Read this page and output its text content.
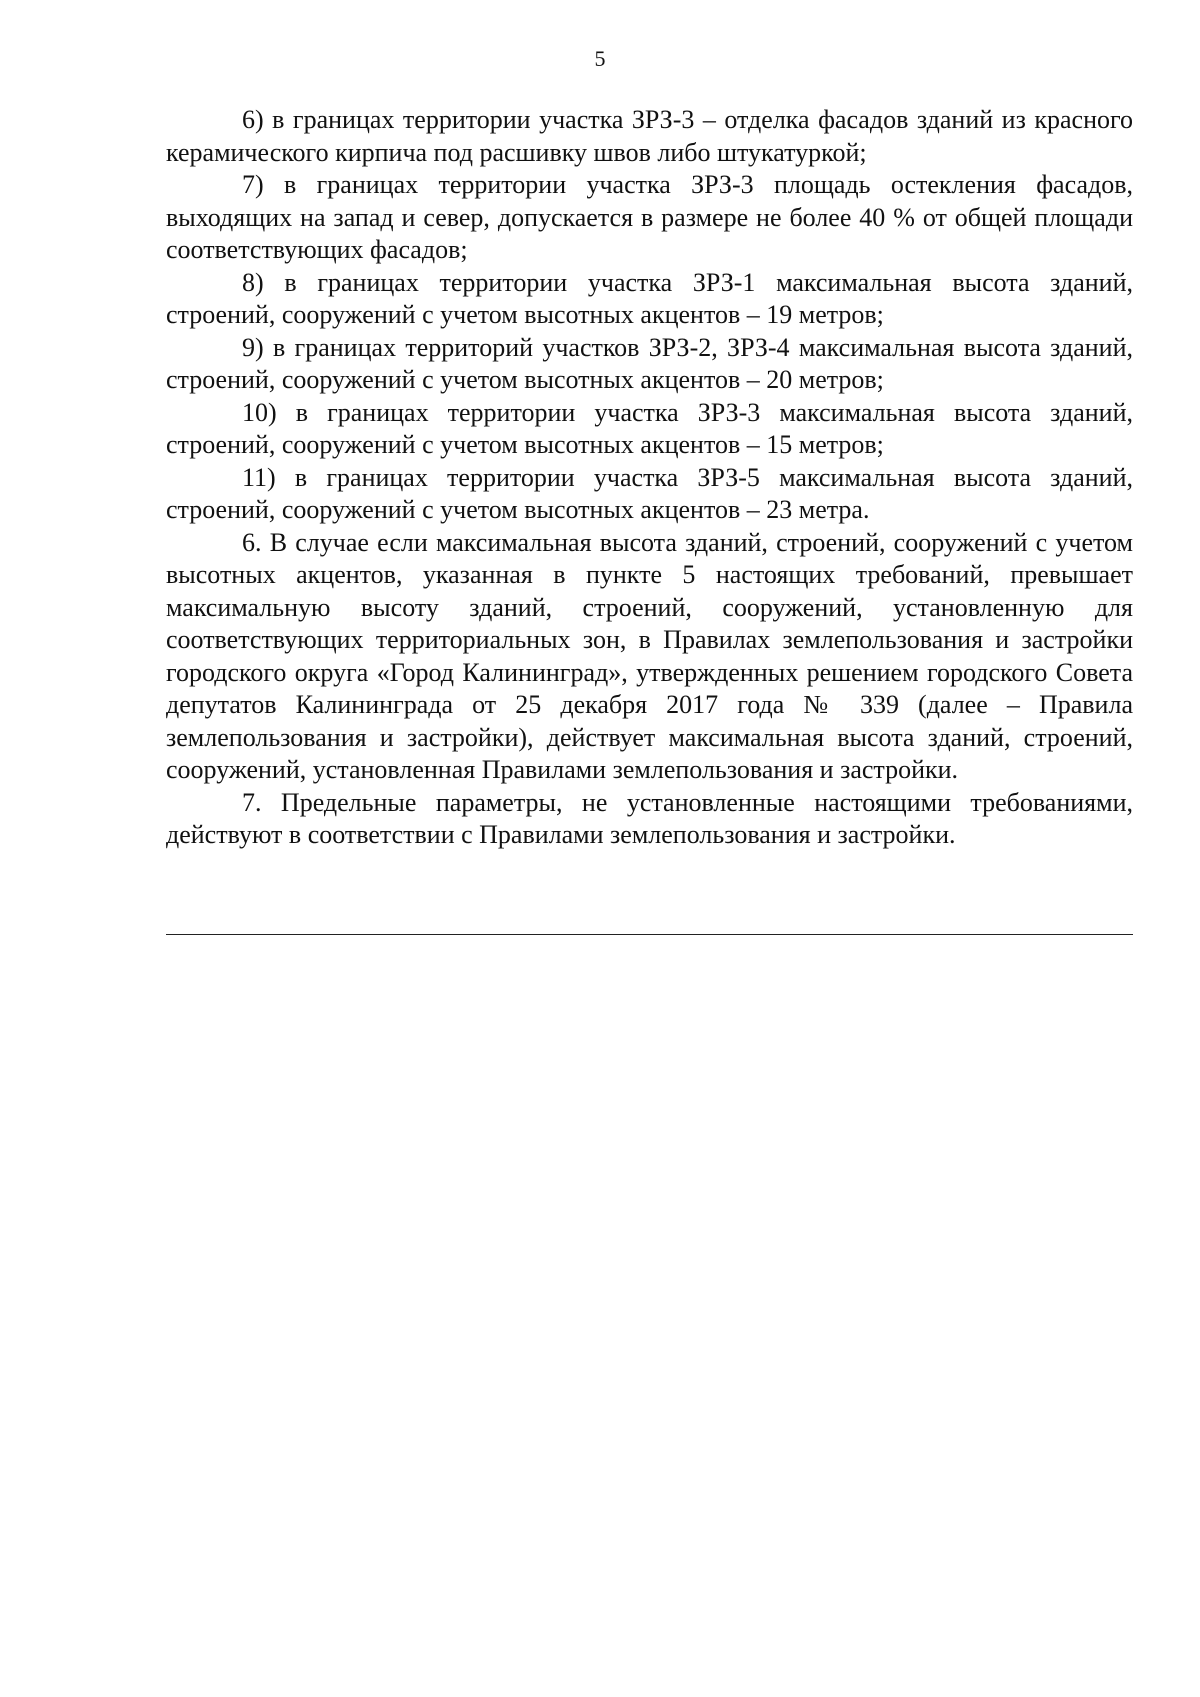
5

6) в границах территории участка ЗРЗ-3 – отделка фасадов зданий из красного керамического кирпича под расшивку швов либо штукатуркой;

7) в границах территории участка ЗРЗ-3 площадь остекления фасадов, выходящих на запад и север, допускается в размере не более 40 % от общей площади соответствующих фасадов;

8) в границах территории участка ЗРЗ-1 максимальная высота зданий, строений, сооружений с учетом высотных акцентов – 19 метров;

9) в границах территорий участков ЗРЗ-2, ЗРЗ-4 максимальная высота зданий, строений, сооружений с учетом высотных акцентов – 20 метров;

10) в границах территории участка ЗРЗ-3 максимальная высота зданий, строений, сооружений с учетом высотных акцентов – 15 метров;

11) в границах территории участка ЗРЗ-5 максимальная высота зданий, строений, сооружений с учетом высотных акцентов – 23 метра.

6. В случае если максимальная высота зданий, строений, сооружений с учетом высотных акцентов, указанная в пункте 5 настоящих требований, превышает максимальную высоту зданий, строений, сооружений, установленную для соответствующих территориальных зон, в Правилах землепользования и застройки городского округа «Город Калининград», утвержденных решением городского Совета депутатов Калининграда от 25 декабря 2017 года № 339 (далее – Правила землепользования и застройки), действует максимальная высота зданий, строений, сооружений, установленная Правилами землепользования и застройки.

7. Предельные параметры, не установленные настоящими требованиями, действуют в соответствии с Правилами землепользования и застройки.
